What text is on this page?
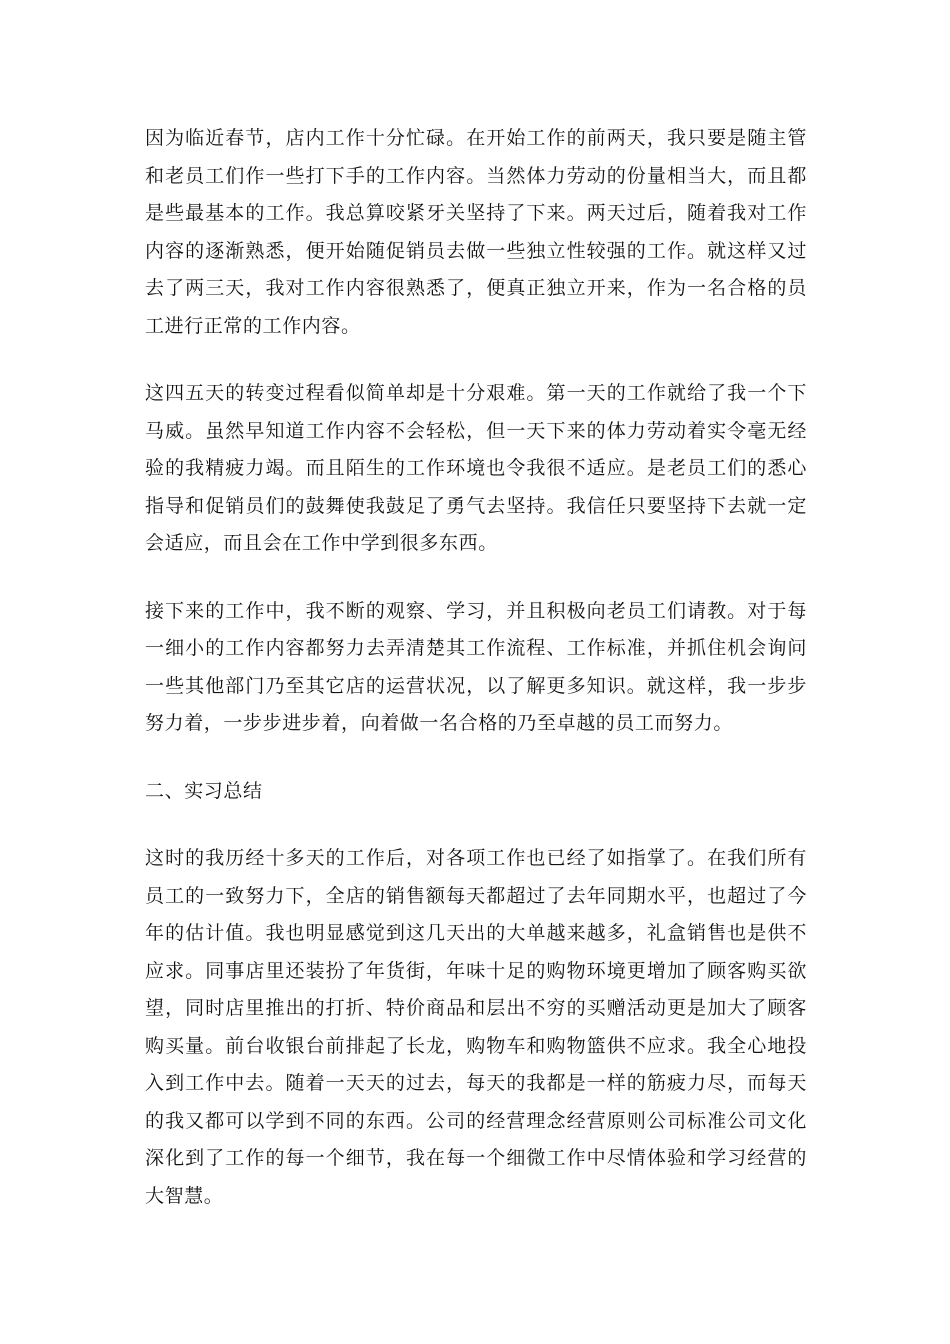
因为临近春节，店内工作十分忙碌。在开始工作的前两天，我只要是随主管和老员工们作一些打下手的工作内容。当然体力劳动的份量相当大，而且都是些最基本的工作。我总算咬紧牙关坚持了下来。两天过后，随着我对工作内容的逐渐熟悉，便开始随促销员去做一些独立性较强的工作。就这样又过去了两三天，我对工作内容很熟悉了，便真正独立开来，作为一名合格的员工进行正常的工作内容。

这四五天的转变过程看似简单却是十分艰难。第一天的工作就给了我一个下马威。虽然早知道工作内容不会轻松，但一天下来的体力劳动着实令毫无经验的我精疲力竭。而且陌生的工作环境也令我很不适应。是老员工们的悉心指导和促销员们的鼓舞使我鼓足了勇气去坚持。我信任只要坚持下去就一定会适应，而且会在工作中学到很多东西。

接下来的工作中，我不断的观察、学习，并且积极向老员工们请教。对于每一细小的工作内容都努力去弄清楚其工作流程、工作标准，并抓住机会询问一些其他部门乃至其它店的运营状况，以了解更多知识。就这样，我一步步努力着，一步步进步着，向着做一名合格的乃至卓越的员工而努力。

二、实习总结

这时的我历经十多天的工作后，对各项工作也已经了如指掌了。在我们所有员工的一致努力下，全店的销售额每天都超过了去年同期水平，也超过了今年的估计值。我也明显感觉到这几天出的大单越来越多，礼盒销售也是供不应求。同事店里还装扮了年货街，年味十足的购物环境更增加了顾客购买欲望，同时店里推出的打折、特价商品和层出不穷的买赠活动更是加大了顾客购买量。前台收银台前排起了长龙，购物车和购物篮供不应求。我全心地投入到工作中去。随着一天天的过去，每天的我都是一样的筋疲力尽，而每天的我又都可以学到不同的东西。公司的经营理念经营原则公司标准公司文化深化到了工作的每一个细节，我在每一个细微工作中尽情体验和学习经营的大智慧。
